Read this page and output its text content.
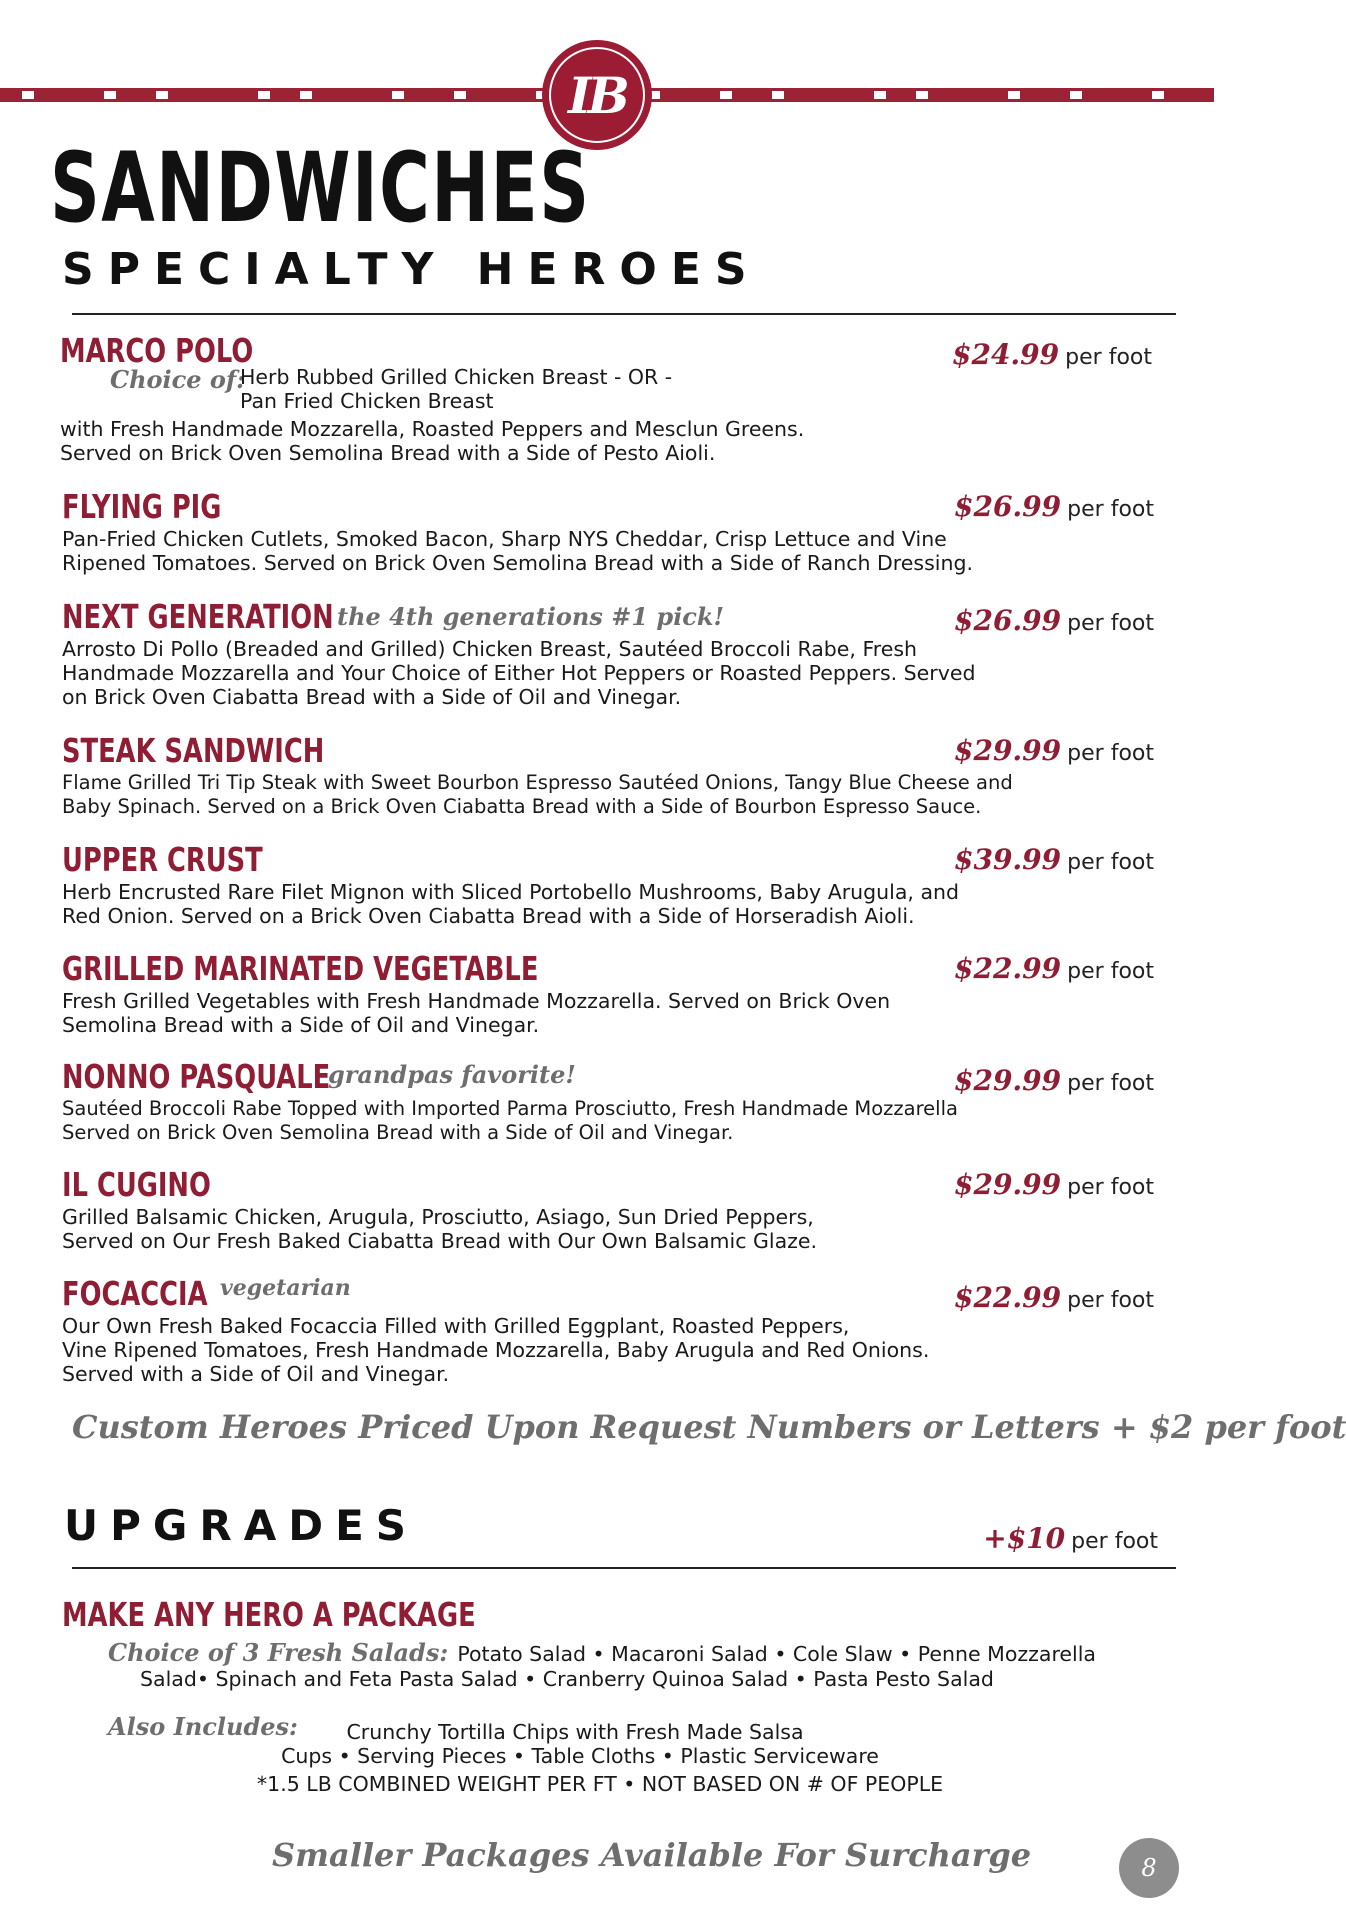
IB
SANDWICHES
SPECIALTY HEROES
MARCO POLO	$24.99 per foot
Choice of:
Herb Rubbed Grilled Chicken Breast - OR -
Pan Fried Chicken Breast
with Fresh Handmade Mozzarella, Roasted Peppers and Mesclun Greens.
Served on Brick Oven Semolina Bread with a Side of Pesto Aioli.
FLYING PIG	$26.99 per foot
Pan-Fried Chicken Cutlets, Smoked Bacon, Sharp NYS Cheddar, Crisp Lettuce and Vine
Ripened Tomatoes. Served on Brick Oven Semolina Bread with a Side of Ranch Dressing.
NEXT GENERATION the 4th generations #1 pick!	$26.99 per foot
Arrosto Di Pollo (Breaded and Grilled) Chicken Breast, Sautéed Broccoli Rabe, Fresh
Handmade Mozzarella and Your Choice of Either Hot Peppers or Roasted Peppers. Served
on Brick Oven Ciabatta Bread with a Side of Oil and Vinegar.
STEAK SANDWICH	$29.99 per foot
Flame Grilled Tri Tip Steak with Sweet Bourbon Espresso Sautéed Onions, Tangy Blue Cheese and
Baby Spinach. Served on a Brick Oven Ciabatta Bread with a Side of Bourbon Espresso Sauce.
UPPER CRUST	$39.99 per foot
Herb Encrusted Rare Filet Mignon with Sliced Portobello Mushrooms, Baby Arugula, and
Red Onion. Served on a Brick Oven Ciabatta Bread with a Side of Horseradish Aioli.
GRILLED MARINATED VEGETABLE	$22.99 per foot
Fresh Grilled Vegetables with Fresh Handmade Mozzarella. Served on Brick Oven
Semolina Bread with a Side of Oil and Vinegar.
NONNO PASQUALE
grandpas favorite!	$29.99 per foot
Sautéed Broccoli Rabe Topped with Imported Parma Prosciutto, Fresh Handmade Mozzarella
Served on Brick Oven Semolina Bread with a Side of Oil and Vinegar.
IL CUGINO	$29.99 per foot
Grilled Balsamic Chicken, Arugula, Prosciutto, Asiago, Sun Dried Peppers,
Served on Our Fresh Baked Ciabatta Bread with Our Own Balsamic Glaze.
FOCACCIA vegetarian	$22.99 per foot
Our Own Fresh Baked Focaccia Filled with Grilled Eggplant, Roasted Peppers,
Vine Ripened Tomatoes, Fresh Handmade Mozzarella, Baby Arugula and Red Onions.
Served with a Side of Oil and Vinegar.
Custom Heroes Priced Upon Request Numbers or Letters + $2 per foot
UPGRADES	+$10 per foot
MAKE ANY HERO A PACKAGE
Choice of 3 Fresh Salads: Potato Salad • Macaroni Salad • Cole Slaw • Penne Mozzarella
Salad• Spinach and Feta Pasta Salad • Cranberry Quinoa Salad • Pasta Pesto Salad
Also Includes:	Crunchy Tortilla Chips with Fresh Made Salsa
Cups • Serving Pieces • Table Cloths • Plastic Serviceware
*1.5 LB COMBINED WEIGHT PER FT • NOT BASED ON # OF PEOPLE
Smaller Packages Available For Surcharge	8
